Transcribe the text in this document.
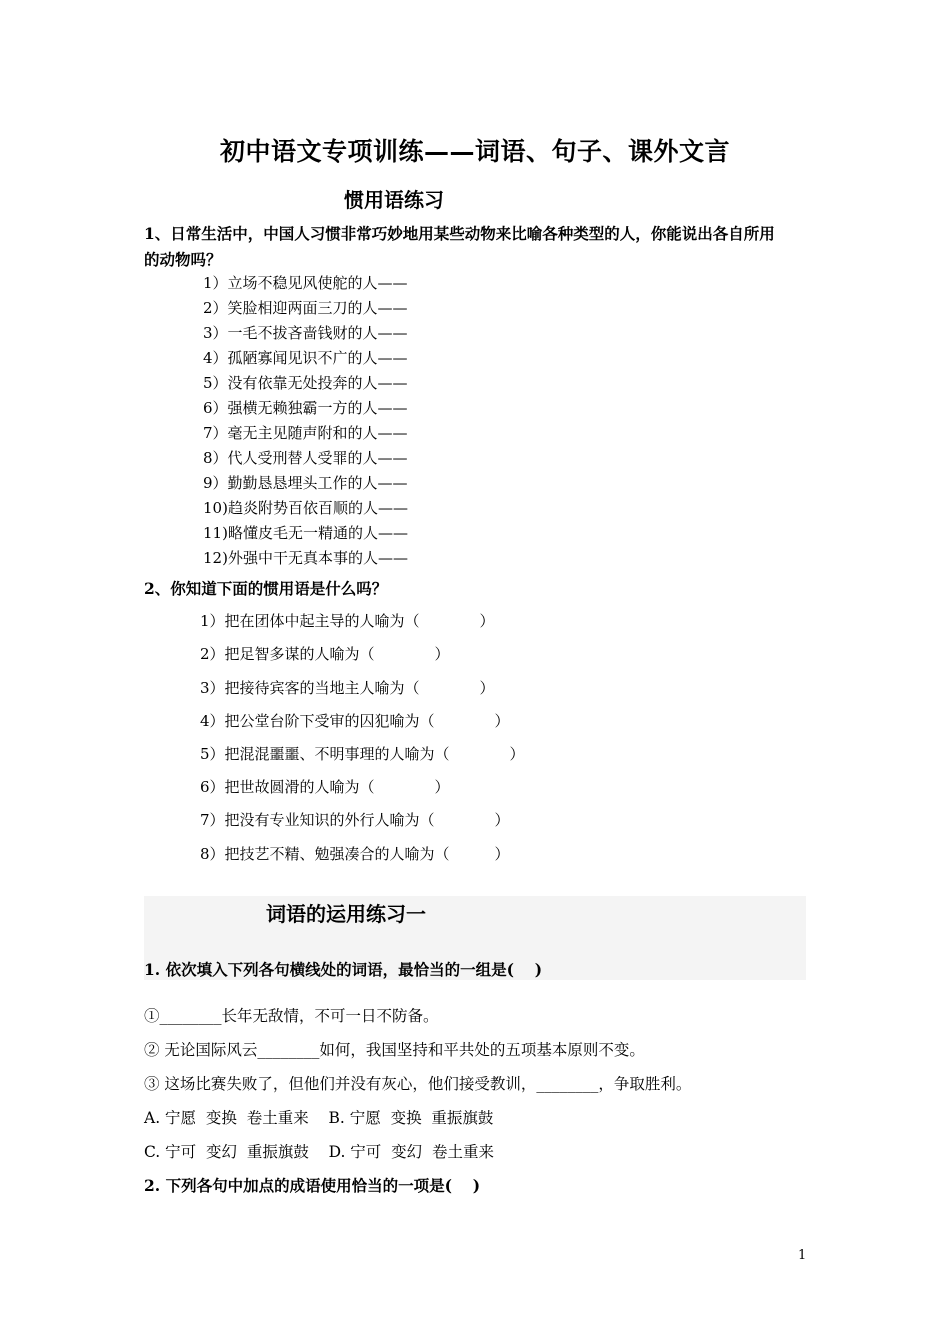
初中语文专项训练——词语、句子、课外文言
惯用语练习
1、日常生活中，中国人习惯非常巧妙地用某些动物来比喻各种类型的人，你能说出各自所用
的动物吗？
1）立场不稳见风使舵的人——
2）笑脸相迎两面三刀的人——
3）一毛不拔吝啬钱财的人——
4）孤陋寡闻见识不广的人——
5）没有依靠无处投奔的人——
6）强横无赖独霸一方的人——
7）毫无主见随声附和的人——
8）代人受刑替人受罪的人——
9）勤勤恳恳埋头工作的人——
10)趋炎附势百依百顺的人——
11)略懂皮毛无一精通的人——
12)外强中干无真本事的人——
2、你知道下面的惯用语是什么吗？
1）把在团体中起主导的人喻为（　　　　）
2）把足智多谋的人喻为（　　　　）
3）把接待宾客的当地主人喻为（　　　　）
4）把公堂台阶下受审的囚犯喻为（　　　　）
5）把混混噩噩、不明事理的人喻为（　　　　）
6）把世故圆滑的人喻为（　　　　）
7）把没有专业知识的外行人喻为（　　　　）
8）把技艺不精、勉强凑合的人喻为（　　　）
词语的运用练习一
1. 依次填入下列各句横线处的词语，最恰当的一组是(　 )
①________长年无敌情，不可一日不防备。
② 无论国际风云________如何，我国坚持和平共处的五项基本原则不变。
③ 这场比赛失败了，但他们并没有灰心，他们接受教训，________，争取胜利。
A. 宁愿  变换  卷土重来    B. 宁愿  变换  重振旗鼓
C. 宁可  变幻  重振旗鼓    D. 宁可  变幻  卷土重来
2. 下列各句中加点的成语使用恰当的一项是(　 )
1
